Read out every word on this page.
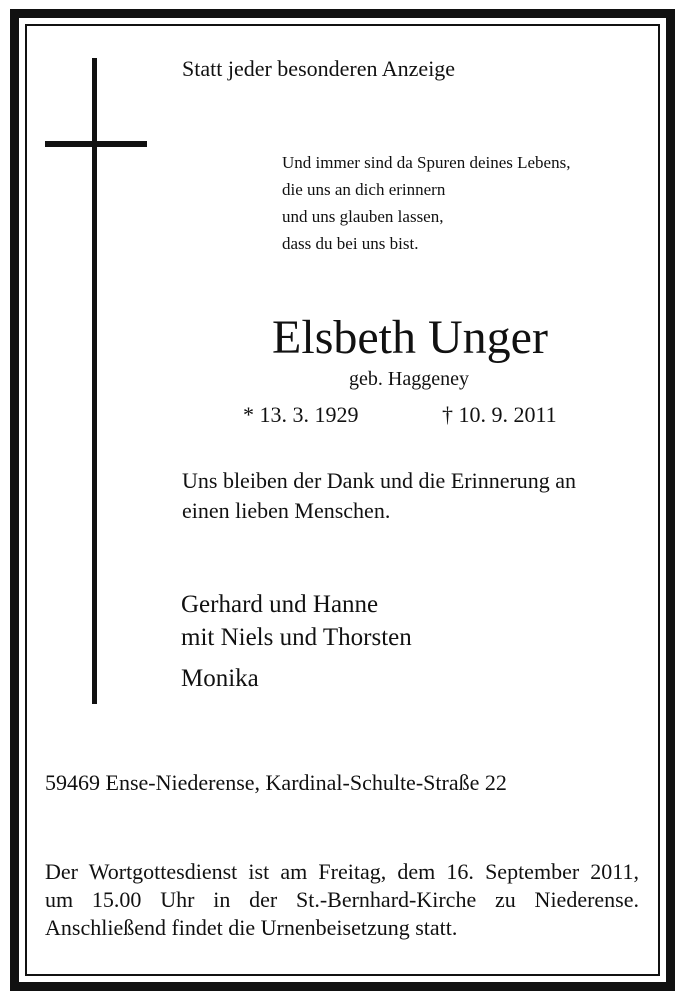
Statt jeder besonderen Anzeige
Und immer sind da Spuren deines Lebens,
die uns an dich erinnern
und uns glauben lassen,
dass du bei uns bist.
Elsbeth Unger
geb. Haggeney
* 13. 3. 1929	† 10. 9. 2011
Uns bleiben der Dank und die Erinnerung an
einen lieben Menschen.
Gerhard und Hanne
mit Niels und Thorsten
Monika
59469 Ense-Niederense, Kardinal-Schulte-Straße 22
Der Wortgottesdienst ist am Freitag, dem 16. September 2011,
um 15.00 Uhr in der St.-Bernhard-Kirche zu Niederense.
Anschließend findet die Urnenbeisetzung statt.
